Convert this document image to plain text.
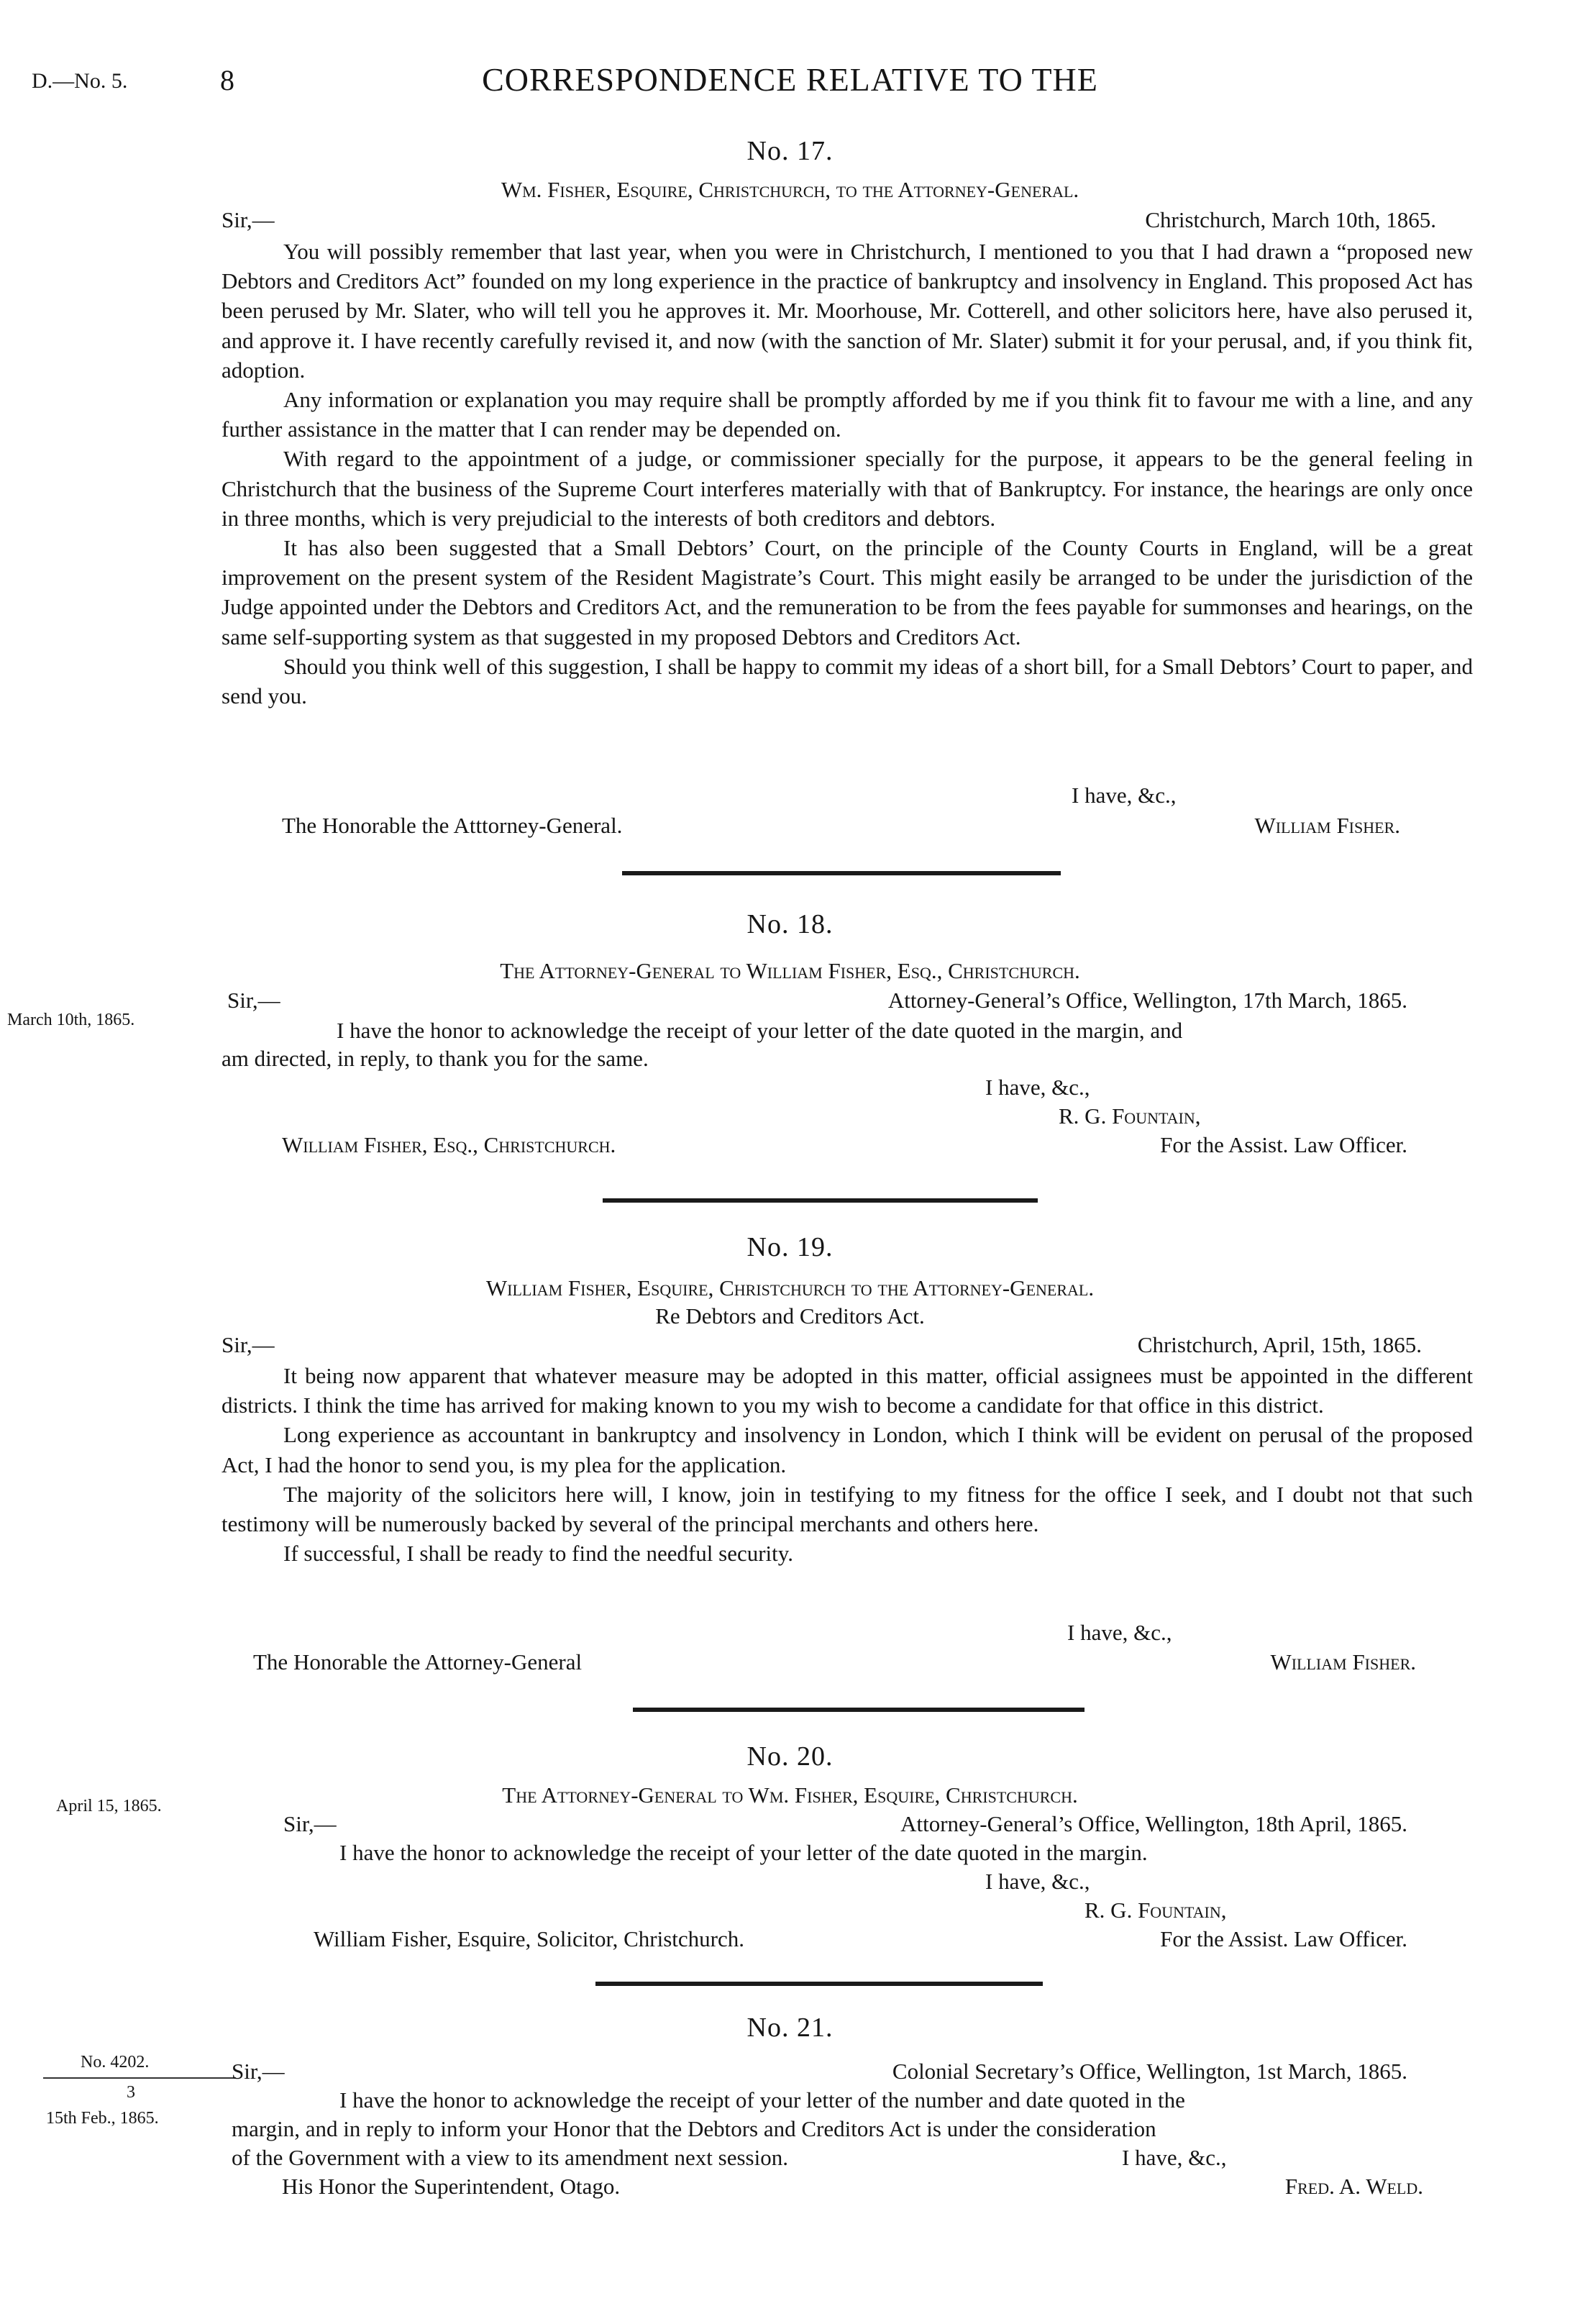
D.—No. 5.	8	CORRESPONDENCE RELATIVE TO THE
No. 17.
Wm. Fisher, Esquire, Christchurch, to the Attorney-General.
Sir,—	Christchurch, March 10th, 1865.

You will possibly remember that last year, when you were in Christchurch, I mentioned to you that I had drawn a “proposed new Debtors and Creditors Act” founded on my long experience in the practice of bankruptcy and insolvency in England. This proposed Act has been perused by Mr. Slater, who will tell you he approves it. Mr. Moorhouse, Mr. Cotterell, and other solicitors here, have also perused it, and approve it. I have recently carefully revised it, and now (with the sanction of Mr. Slater) submit it for your perusal, and, if you think fit, adoption.

Any information or explanation you may require shall be promptly afforded by me if you think fit to favour me with a line, and any further assistance in the matter that I can render may be depended on.

With regard to the appointment of a judge, or commissioner specially for the purpose, it appears to be the general feeling in Christchurch that the business of the Supreme Court interferes materially with that of Bankruptcy. For instance, the hearings are only once in three months, which is very prejudicial to the interests of both creditors and debtors.

It has also been suggested that a Small Debtors’ Court, on the principle of the County Courts in England, will be a great improvement on the present system of the Resident Magistrate’s Court. This might easily be arranged to be under the jurisdiction of the Judge appointed under the Debtors and Creditors Act, and the remuneration to be from the fees payable for summonses and hearings, on the same self-supporting system as that suggested in my proposed Debtors and Creditors Act.

Should you think well of this suggestion, I shall be happy to commit my ideas of a short bill, for a Small Debtors’ Court to paper, and send you.

I have, &c.,
The Honorable the Atttorney-General.	William Fisher.
No. 18.
The Attorney-General to William Fisher, Esq., Christchurch.
Sir,—	Attorney-General’s Office, Wellington, 17th March, 1865.
March 10th, 1865.	I have the honor to acknowledge the receipt of your letter of the date quoted in the margin, and
am directed, in reply, to thank you for the same.
I have, &c.,
R. G. Fountain,
William Fisher, Esq., Christchurch.	For the Assist. Law Officer.
No. 19.
William Fisher, Esquire, Christchurch to the Attorney-General.
Re Debtors and Creditors Act.
Sir,—	Christchurch, April, 15th, 1865.

It being now apparent that whatever measure may be adopted in this matter, official assignees must be appointed in the different districts. I think the time has arrived for making known to you my wish to become a candidate for that office in this district.

Long experience as accountant in bankruptcy and insolvency in London, which I think will be evident on perusal of the proposed Act, I had the honor to send you, is my plea for the application.

The majority of the solicitors here will, I know, join in testifying to my fitness for the office I seek, and I doubt not that such testimony will be numerously backed by several of the principal merchants and others here.

If successful, I shall be ready to find the needful security.

I have, &c.,
The Honorable the Attorney-General	William Fisher.
No. 20.
The Attorney-General to Wm. Fisher, Esquire, Christchurch.
April 15, 1865.
Sir,—	Attorney-General’s Office, Wellington, 18th April, 1865.
I have the honor to acknowledge the receipt of your letter of the date quoted in the margin.
I have, &c.,
R. G. Fountain,
William Fisher, Esquire, Solicitor, Christchurch.	For the Assist. Law Officer.
No. 21.
No. 4202.
3
15th Feb., 1865.
Sir,—	Colonial Secretary’s Office, Wellington, 1st March, 1865.
I have the honor to acknowledge the receipt of your letter of the number and date quoted in the
margin, and in reply to inform your Honor that the Debtors and Creditors Act is under the consideration
of the Government with a view to its amendment next session.	I have, &c.,
His Honor the Superintendent, Otago.	Fred. A. Weld.
